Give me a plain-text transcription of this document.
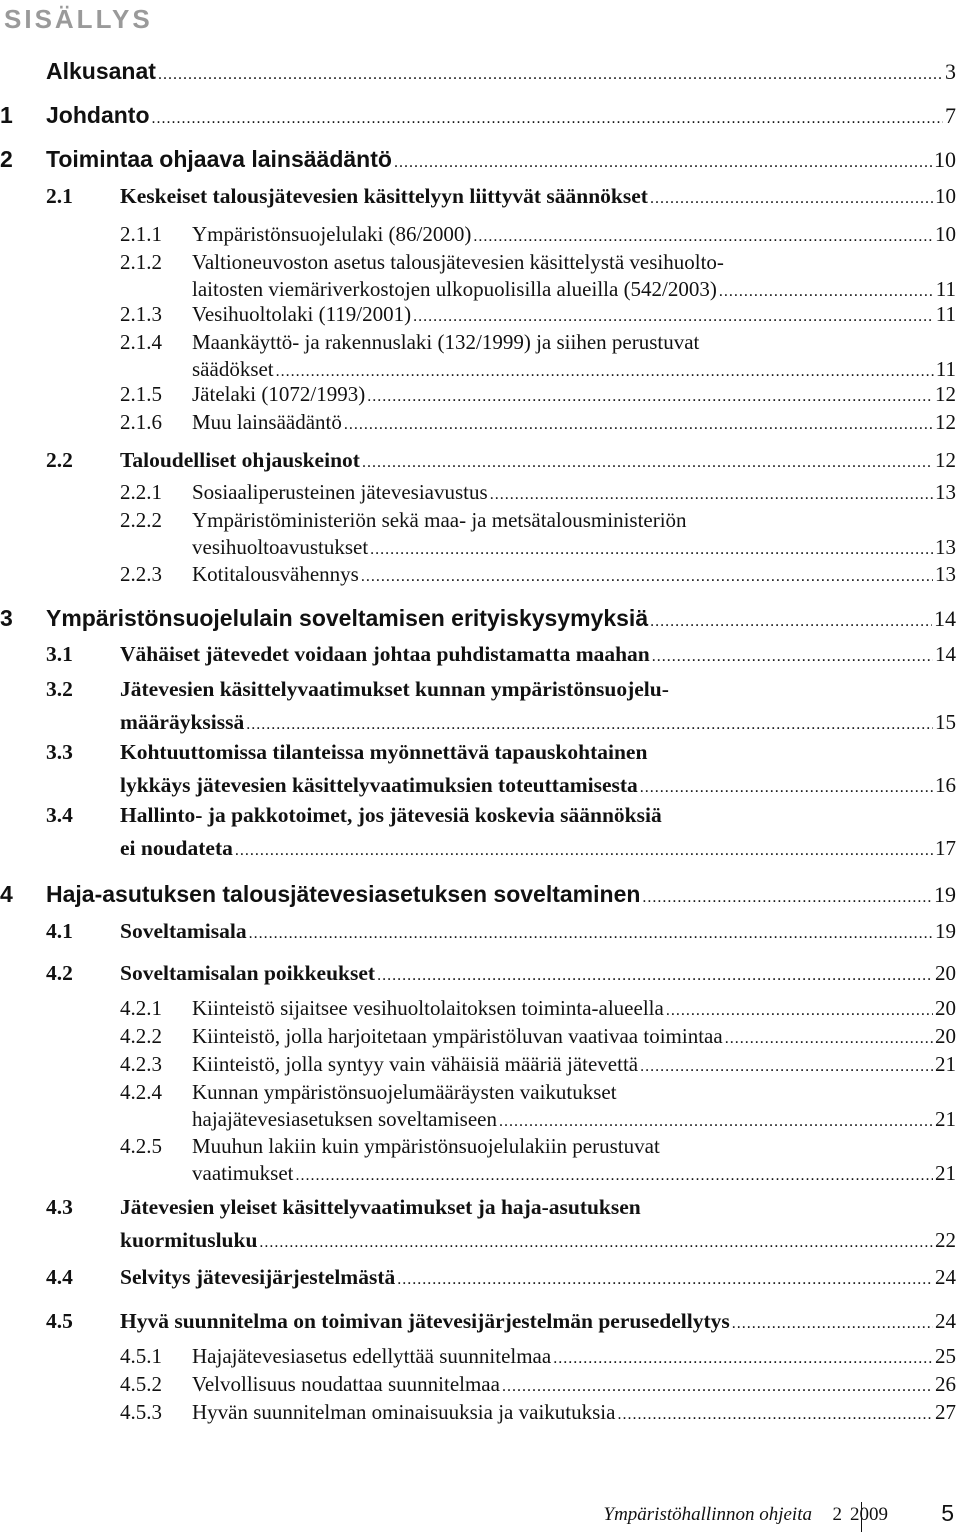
SISÄLLYS
Alkusanat .....	3
1 Johdanto .....	7
2 Toimintaa ohjaava lainsäädäntö .....	10
2.1 Keskeiset talousjätevesien käsittelyyn liittyvät säännökset .....	10
2.1.1 Ympäristönsuojelulaki (86/2000) .....	10
2.1.2 Valtioneuvoston asetus talousjätevesien käsittelystä vesihuolto-
laitosten viemäriverkostojen ulkopuolisilla alueilla (542/2003) .....	11
2.1.3 Vesihuoltolaki (119/2001) .....	11
2.1.4 Maankäyttö- ja rakennuslaki (132/1999) ja siihen perustuvat
säädökset .....	11
2.1.5 Jätelaki (1072/1993) .....	12
2.1.6 Muu lainsäädäntö .....	12
2.2 Taloudelliset ohjauskeinot .....	12
2.2.1 Sosiaaliperusteinen jätevesiavustus .....	13
2.2.2 Ympäristöministeriön sekä maa- ja metsätalousministeriön
vesihuoltoavustukset .....	13
2.2.3 Kotitalousvähennys .....	13
3 Ympäristönsuojelulain soveltamisen erityiskysymyksiä .....	14
3.1 Vähäiset jätevedet voidaan johtaa puhdistamatta maahan .....	14
3.2 Jätevesien käsittelyvaatimukset kunnan ympäristönsuojelu-
määräyksissä .....	15
3.3 Kohtuuttomissa tilanteissa myönnettävä tapauskohtainen
lykkäys jätevesien käsittelyvaatimuksien toteuttamisesta .....	16
3.4 Hallinto- ja pakkotoimet, jos jätevesiä koskevia säännöksiä
ei noudateta .....	17
4 Haja-asutuksen talousjätevesiasetuksen soveltaminen .....	19
4.1 Soveltamisala .....	19
4.2 Soveltamisalan poikkeukset .....	20
4.2.1 Kiinteistö sijaitsee vesihuoltolaitoksen toiminta-alueella .....	20
4.2.2 Kiinteistö, jolla harjoitetaan ympäristöluvan vaativaa toimintaa .....	20
4.2.3 Kiinteistö, jolla syntyy vain vähäisiä määriä jätevettä .....	21
4.2.4 Kunnan ympäristönsuojelumääräysten vaikutukset
hajajätevesiasetuksen soveltamiseen .....	21
4.2.5 Muuhun lakiin kuin ympäristönsuojelulakiin perustuvat
vaatimukset .....	21
4.3 Jätevesien yleiset käsittelyvaatimukset ja haja-asutuksen
kuormitusluku .....	22
4.4 Selvitys jätevesijärjestelmästä .....	24
4.5 Hyvä suunnitelma on toimivan jätevesijärjestelmän perusedellytys .....	24
4.5.1 Hajajätevesiasetus edellyttää suunnitelmaa .....	25
4.5.2 Velvollisuus noudattaa suunnitelmaa .....	26
4.5.3 Hyvän suunnitelman ominaisuuksia ja vaikutuksia .....	27
Ympäristöhallinnon ohjeita 2 2009 5
